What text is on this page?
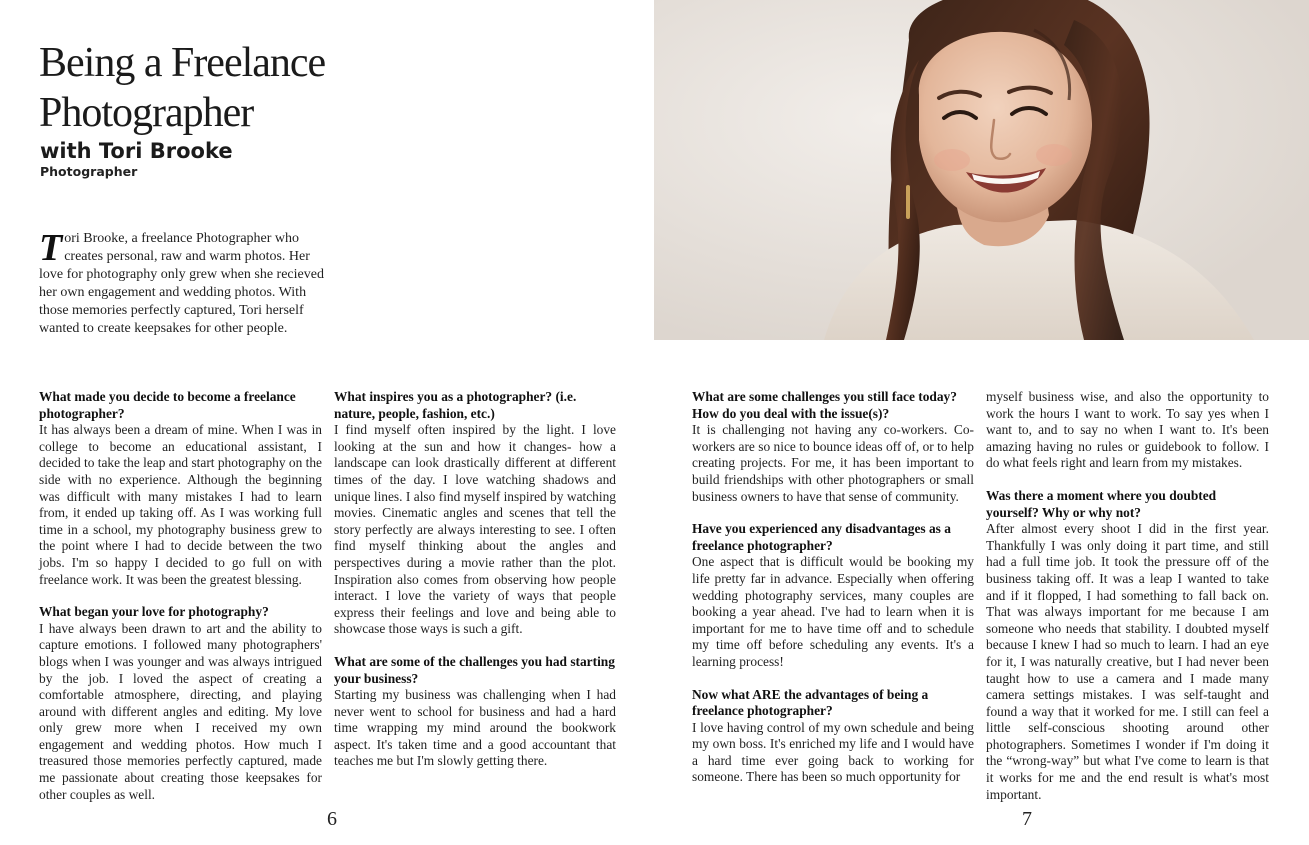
Being a Freelance
Photographer
with Tori Brooke
Photographer

Tori Brooke, a freelance Photographer who creates personal, raw and warm photos. Her love for photography only grew when she recieved her own engagement and wedding photos. With those memories perfectly captured, Tori herself wanted to create keepsakes for other people.

What made you decide to become a freelance photographer?
It has always been a dream of mine. When I was in college to become an educational assistant, I decided to take the leap and start photography on the side with no experience. Although the beginning was difficult with many mistakes I had to learn from, it ended up taking off. As I was working full time in a school, my photography business grew to the point where I had to decide between the two jobs. I'm so happy I decided to go full on with freelance work. It was been the greatest blessing.
What began your love for photography?
I have always been drawn to art and the ability to capture emotions. I followed many photographers' blogs when I was younger and was always intrigued by the job. I loved the aspect of creating a comfortable atmosphere, directing, and playing around with different angles and editing. My love only grew more when I received my own engagement and wedding photos. How much I treasured those memories perfectly captured, made me passionate about creating those keepsakes for other couples as well.
What inspires you as a photographer? (i.e. nature, people, fashion, etc.)
I find myself often inspired by the light. I love looking at the sun and how it changes- how a landscape can look drastically different at different times of the day. I love watching shadows and unique lines. I also find myself inspired by watching movies. Cinematic angles and scenes that tell the story perfectly are always interesting to see. I often find myself thinking about the angles and perspectives during a movie rather than the plot. Inspiration also comes from observing how people interact. I love the variety of ways that people express their feelings and love and being able to showcase those ways is such a gift.
What are some of the challenges you had starting your business?
Starting my business was challenging when I had never went to school for business and had a hard time wrapping my mind around the bookwork aspect. It's taken time and a good accountant that teaches me but I'm slowly getting there.
6
What are some challenges you still face today? How do you deal with the issue(s)?
It is challenging not having any co-workers. Co-workers are so nice to bounce ideas off of, or to help creating projects. For me, it has been important to build friendships with other photographers or small business owners to have that sense of community.
Have you experienced any disadvantages as a freelance photographer?
One aspect that is difficult would be booking my life pretty far in advance. Especially when offering wedding photography services, many couples are booking a year ahead. I've had to learn when it is important for me to have time off and to schedule my time off before scheduling any events. It's a learning process!
Now what ARE the advantages of being a freelance photographer?
I love having control of my own schedule and being my own boss. It's enriched my life and I would have a hard time ever going back to working for someone. There has been so much opportunity for
myself business wise, and also the opportunity to work the hours I want to work. To say yes when I want to, and to say no when I want to. It's been amazing having no rules or guidebook to follow. I do what feels right and learn from my mistakes.
Was there a moment where you doubted yourself? Why or why not?
After almost every shoot I did in the first year. Thankfully I was only doing it part time, and still had a full time job. It took the pressure off of the business taking off. It was a leap I wanted to take and if it flopped, I had something to fall back on. That was always important for me because I am someone who needs that stability. I doubted myself because I knew I had so much to learn. I had an eye for it, I was naturally creative, but I had never been taught how to use a camera and I made many camera settings mistakes. I was self-taught and found a way that it worked for me. I still can feel a little self-conscious shooting around other photographers. Sometimes I wonder if I'm doing it the “wrong-way” but what I've come to learn is that it works for me and the end result is what's most important.
7
